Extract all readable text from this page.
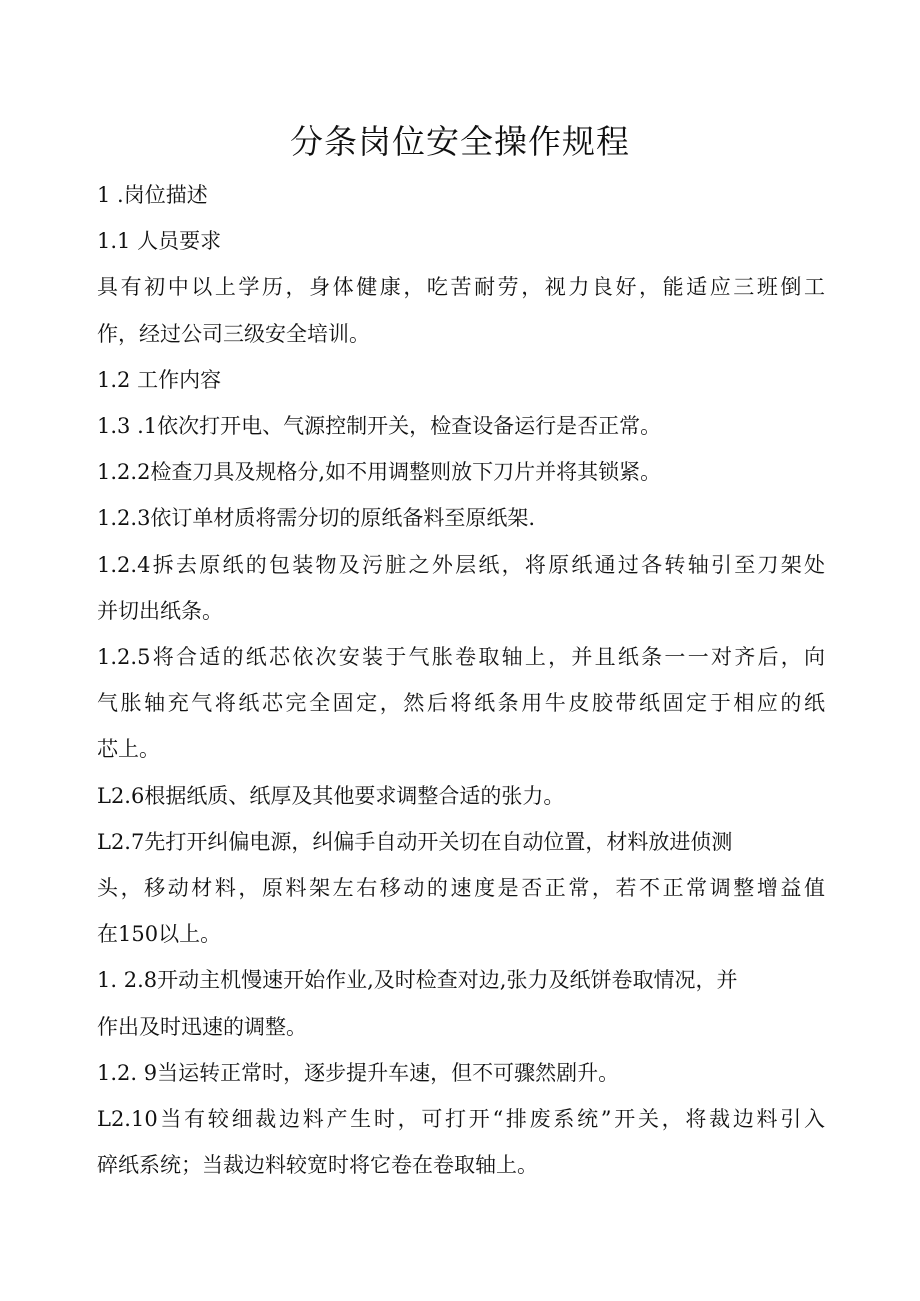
分条岗位安全操作规程
1 .岗位描述
1.1 人员要求
具有初中以上学历，身体健康，吃苦耐劳，视力良好，能适应三班倒工
作，经过公司三级安全培训。
1.2 工作内容
1.3 .1依次打开电、气源控制开关，检查设备运行是否正常。
1.2.2检查刀具及规格分,如不用调整则放下刀片并将其锁紧。
1.2.3依订单材质将需分切的原纸备料至原纸架.
1.2.4拆去原纸的包装物及污脏之外层纸，将原纸通过各转轴引至刀架处
并切出纸条。
1.2.5将合适的纸芯依次安装于气胀卷取轴上，并且纸条一一对齐后，向
气胀轴充气将纸芯完全固定，然后将纸条用牛皮胶带纸固定于相应的纸
芯上。
L2.6根据纸质、纸厚及其他要求调整合适的张力。
L2.7先打开纠偏电源，纠偏手自动开关切在自动位置，材料放进侦测
头，移动材料，原料架左右移动的速度是否正常，若不正常调整增益值
在150以上。
1. 2.8开动主机慢速开始作业,及时检查对边,张力及纸饼卷取情况，并
作出及时迅速的调整。
1.2. 9当运转正常时，逐步提升车速，但不可骤然剧升。
L2.10当有较细裁边料产生时，可打开“排废系统”开关，将裁边料引入
碎纸系统；当裁边料较宽时将它卷在卷取轴上。
